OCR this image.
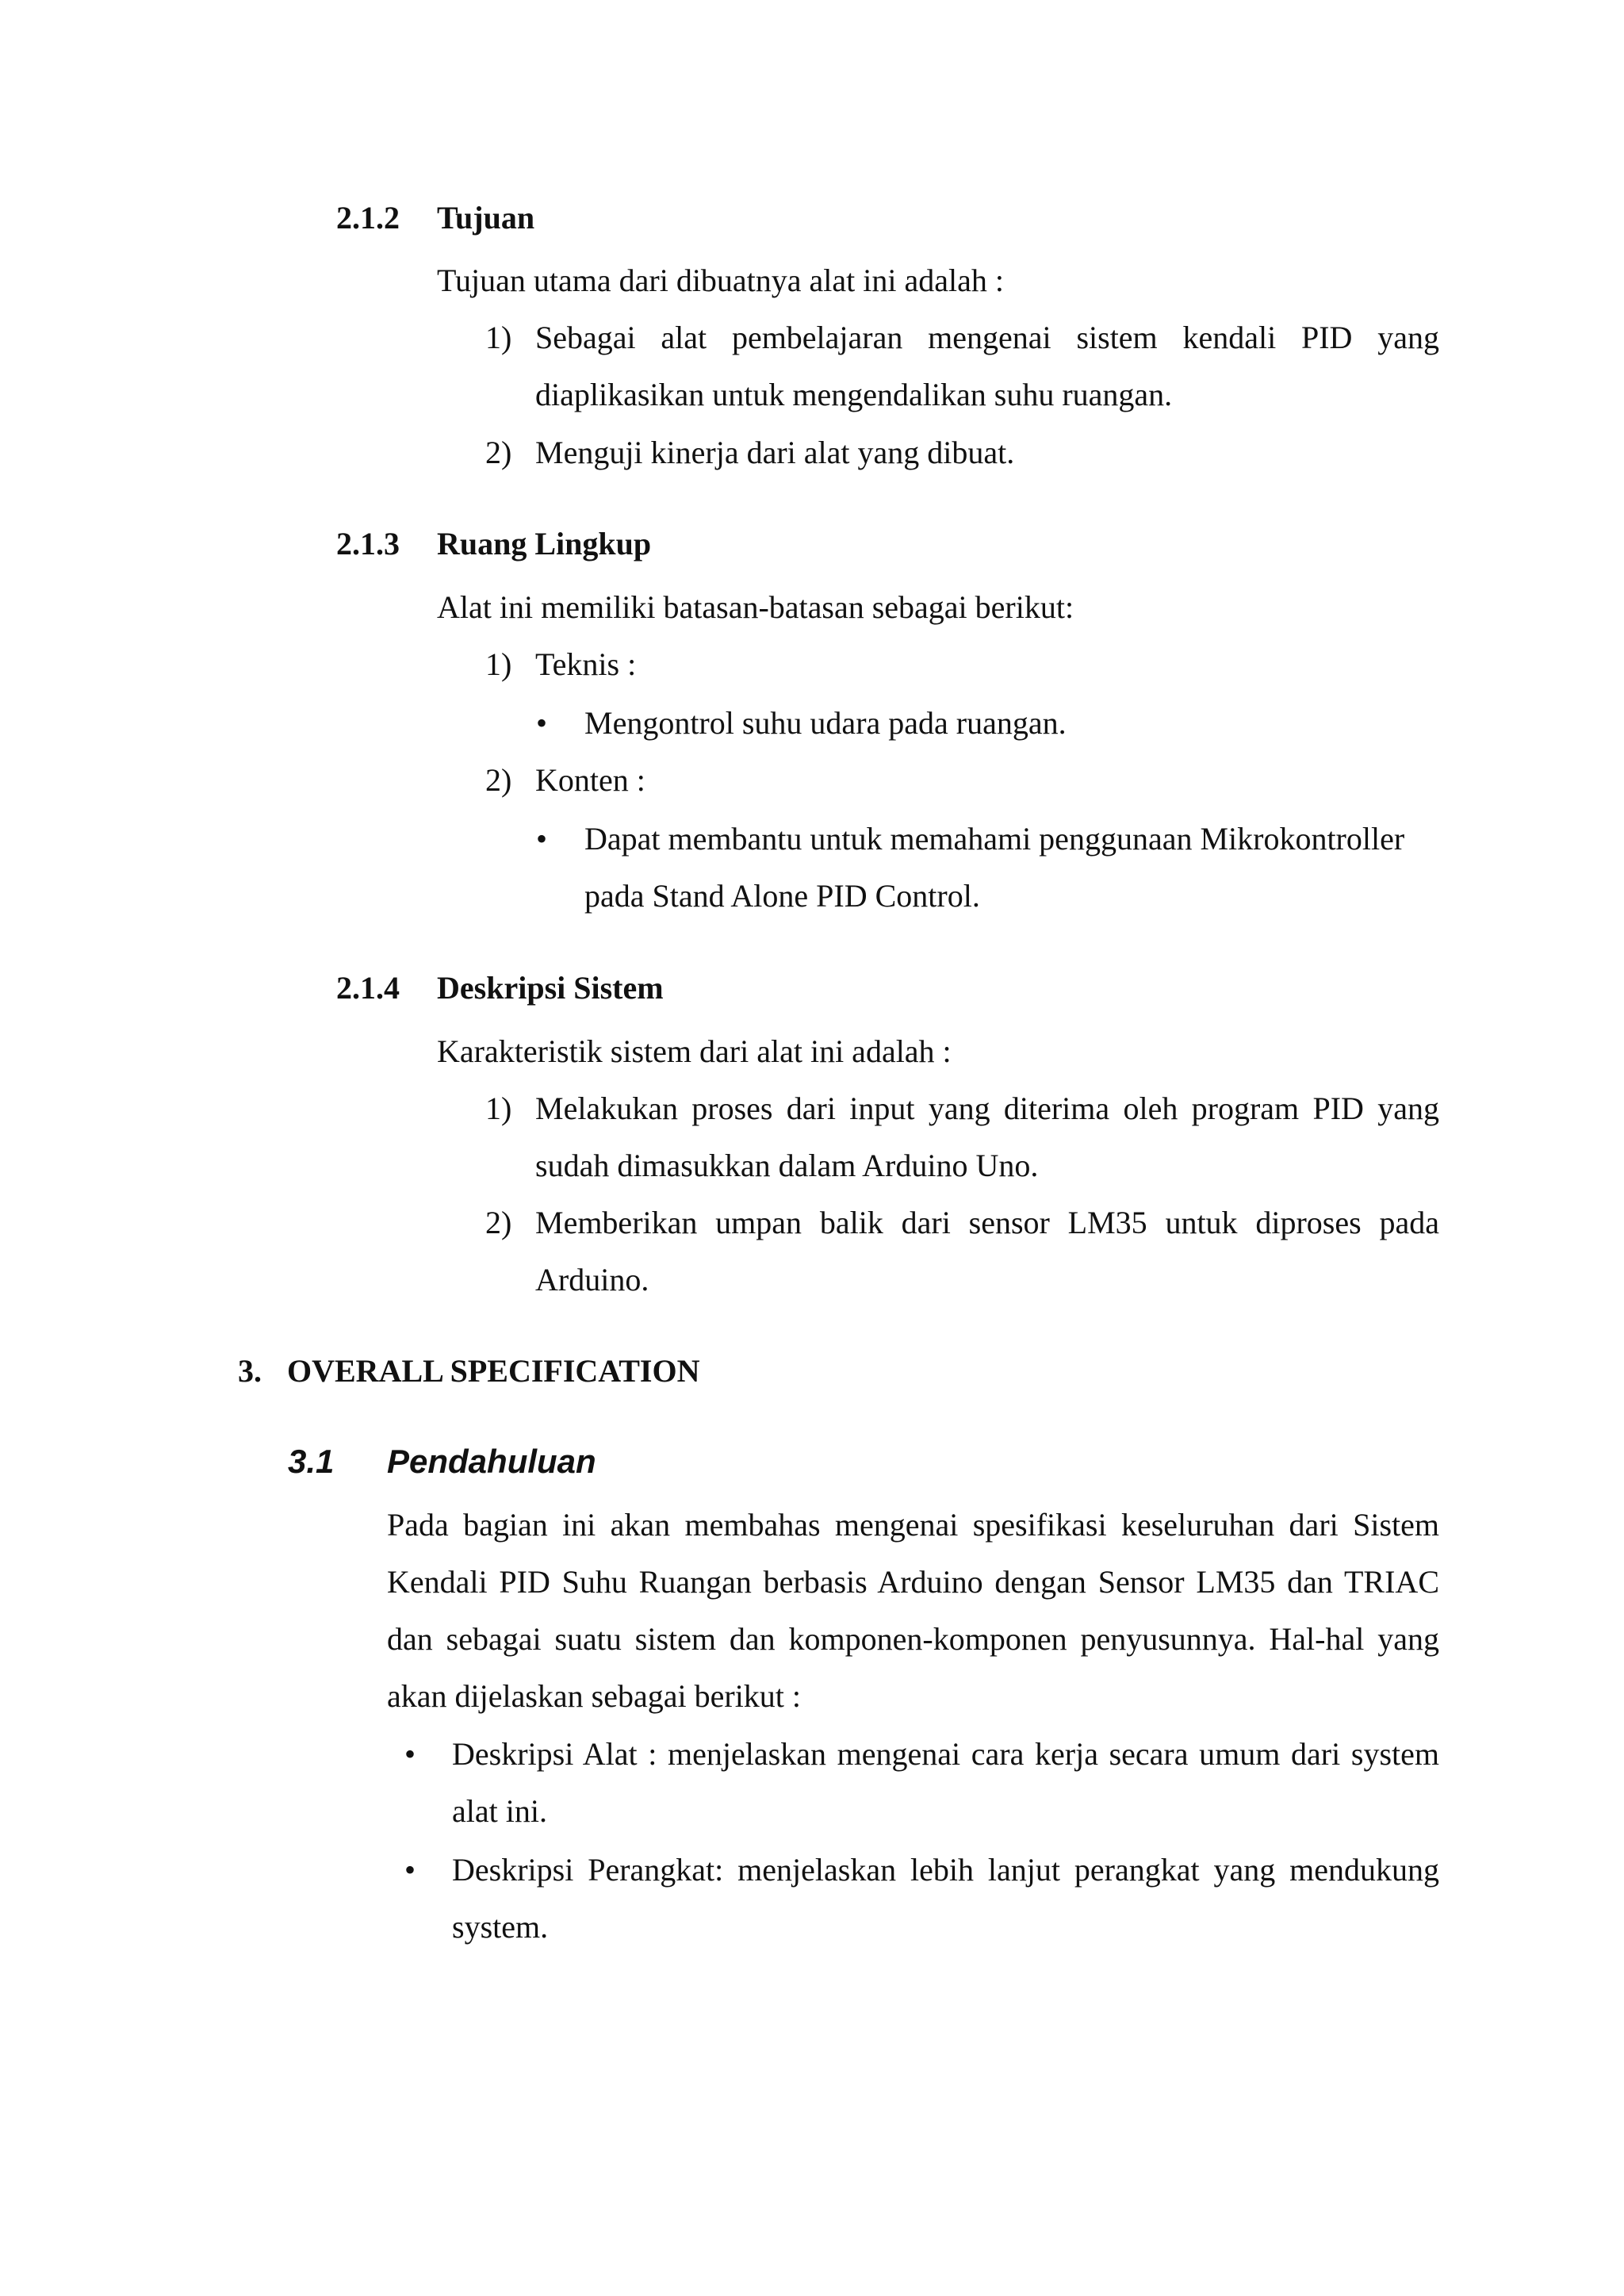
2.1.2 Tujuan
Tujuan utama dari dibuatnya alat ini adalah :
1) Sebagai alat pembelajaran mengenai sistem kendali PID yang
diaplikasikan untuk mengendalikan suhu ruangan.
2) Menguji kinerja dari alat yang dibuat.
2.1.3 Ruang Lingkup
Alat ini memiliki batasan-batasan sebagai berikut:
1) Teknis :
• Mengontrol suhu udara pada ruangan.
2) Konten :
• Dapat membantu untuk memahami penggunaan Mikrokontroller
pada Stand Alone PID Control.
2.1.4 Deskripsi Sistem
Karakteristik sistem dari alat ini adalah :
1) Melakukan proses dari input yang diterima oleh program PID yang
sudah dimasukkan dalam Arduino Uno.
2) Memberikan umpan balik dari sensor LM35 untuk diproses pada
Arduino.
3. OVERALL SPECIFICATION
3.1 Pendahuluan
Pada bagian ini akan membahas mengenai spesifikasi keseluruhan dari Sistem
Kendali PID Suhu Ruangan berbasis Arduino dengan Sensor LM35 dan TRIAC
dan sebagai suatu sistem dan komponen-komponen penyusunnya. Hal-hal yang
akan dijelaskan sebagai berikut :
• Deskripsi Alat : menjelaskan mengenai cara kerja secara umum dari system
alat ini.
• Deskripsi Perangkat: menjelaskan lebih lanjut perangkat yang mendukung
system.
